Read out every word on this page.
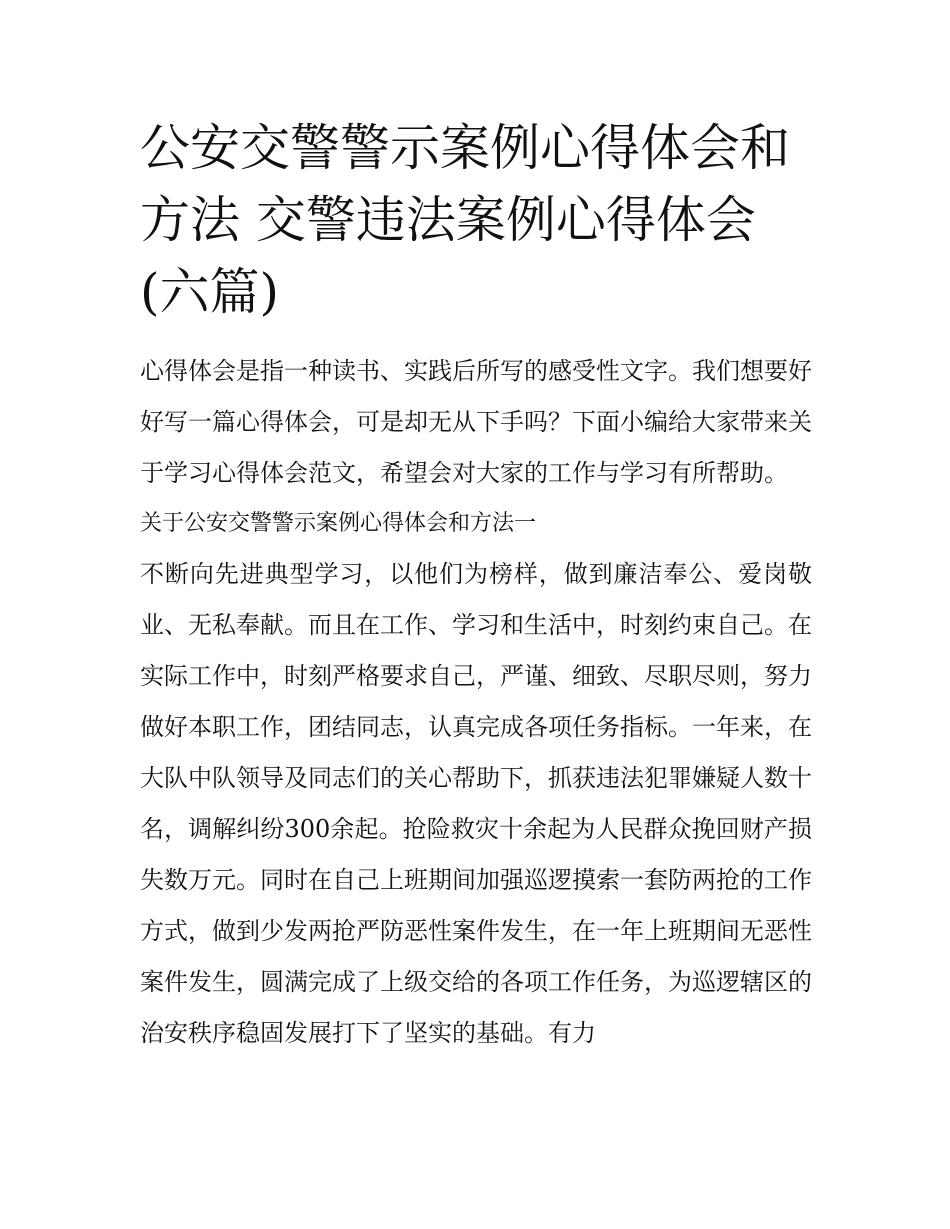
公安交警警示案例心得体会和方法 交警违法案例心得体会(六篇)

心得体会是指一种读书、实践后所写的感受性文字。我们想要好好写一篇心得体会，可是却无从下手吗？下面小编给大家带来关于学习心得体会范文，希望会对大家的工作与学习有所帮助。

关于公安交警警示案例心得体会和方法一

不断向先进典型学习，以他们为榜样，做到廉洁奉公、爱岗敬业、无私奉献。而且在工作、学习和生活中，时刻约束自己。在实际工作中，时刻严格要求自己，严谨、细致、尽职尽则，努力做好本职工作，团结同志，认真完成各项任务指标。一年来，在大队中队领导及同志们的关心帮助下，抓获违法犯罪嫌疑人数十名，调解纠纷300余起。抢险救灾十余起为人民群众挽回财产损失数万元。同时在自己上班期间加强巡逻摸索一套防两抢的工作方式，做到少发两抢严防恶性案件发生，在一年上班期间无恶性案件发生，圆满完成了上级交给的各项工作任务，为巡逻辖区的治安秩序稳固发展打下了坚实的基础。有力
